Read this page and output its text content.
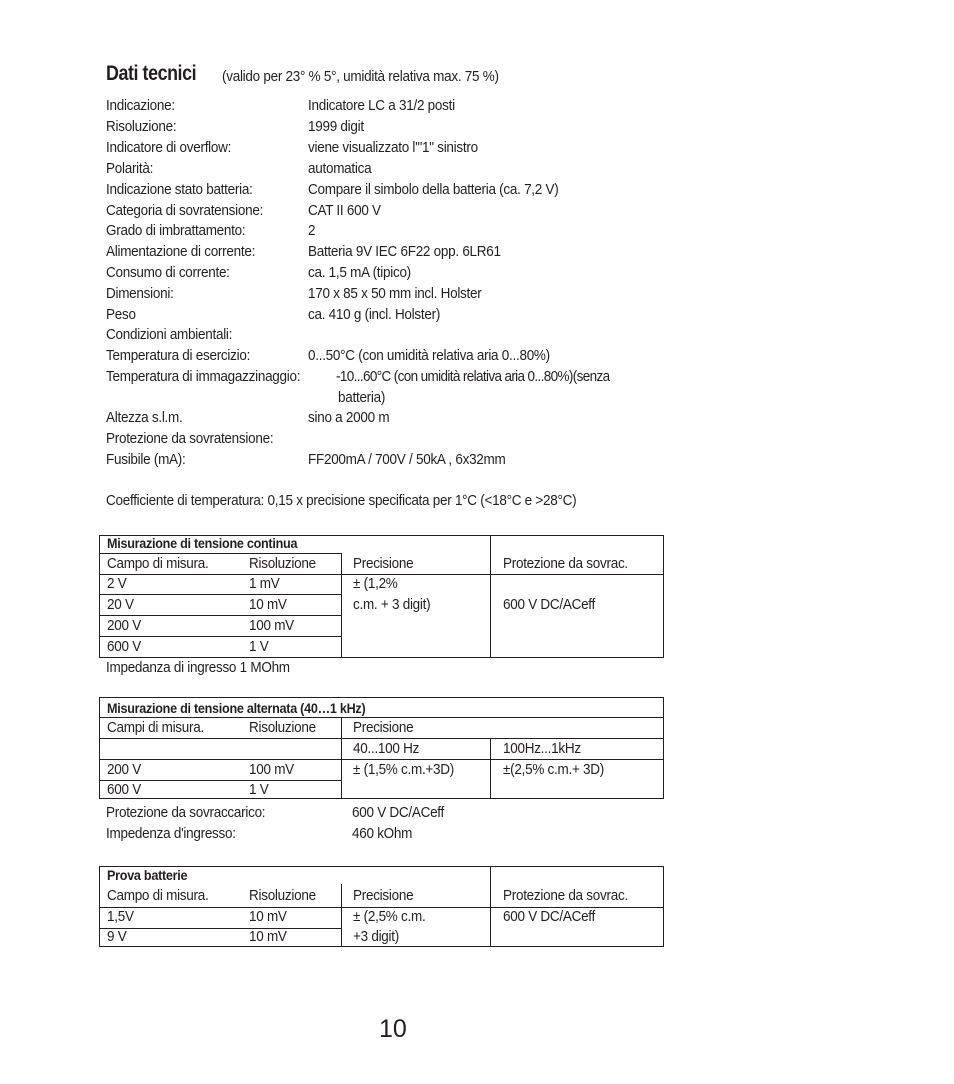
Dati tecnici (valido per 23° % 5°, umidità relativa max. 75 %)
Indicazione:	Indicatore LC a 31/2 posti
Risoluzione:	1999 digit
Indicatore di overflow:	viene visualizzato l'"1" sinistro
Polarità:	automatica
Indicazione stato batteria:	Compare il simbolo della batteria (ca. 7,2 V)
Categoria di sovratensione:	CAT II 600 V
Grado di imbrattamento:	2
Alimentazione di corrente:	Batteria 9V IEC 6F22 opp. 6LR61
Consumo di corrente:	ca. 1,5 mA (tipico)
Dimensioni:	170 x 85 x 50 mm incl. Holster
Peso	ca. 410 g (incl. Holster)
Condizioni ambientali:
Temperatura di esercizio:	0...50°C (con umidità relativa aria 0...80%)
Temperatura di immagazzinaggio: -10...60°C (con umidità relativa aria 0...80%)(senza
batteria)
Altezza s.l.m.	sino a 2000 m
Protezione da sovratensione:
Fusibile (mA):	FF200mA / 700V / 50kA , 6x32mm
Coefficiente di temperatura: 0,15 x precisione specificata per 1°C (<18°C e >28°C)
Misurazione di tensione continua
Campo di misura.	Risoluzione	Precisione	Protezione da sovrac.
2 V	1 mV
20 V	10 mV
200 V	100 mV
600 V	1 V
± (1,2%
c.m. + 3 digit)	600 V DC/ACeff
Impedanza di ingresso 1 MOhm
Misurazione di tensione alternata (40…1 kHz)
Campi di misura.	Risoluzione	Precisione
40...100 Hz	100Hz...1kHz
200 V	100 mV
600 V	1 V
± (1,5% c.m.+3D)	±(2,5% c.m.+ 3D)
Protezione da sovraccarico:	600 V DC/ACeff
Impedenza d'ingresso:	460 kOhm
Prova batterie
Campo di misura.	Risoluzione	Precisione	Protezione da sovrac.
1,5V	10 mV
9 V	10 mV
± (2,5% c.m.
+3 digit)
600 V DC/ACeff
10
